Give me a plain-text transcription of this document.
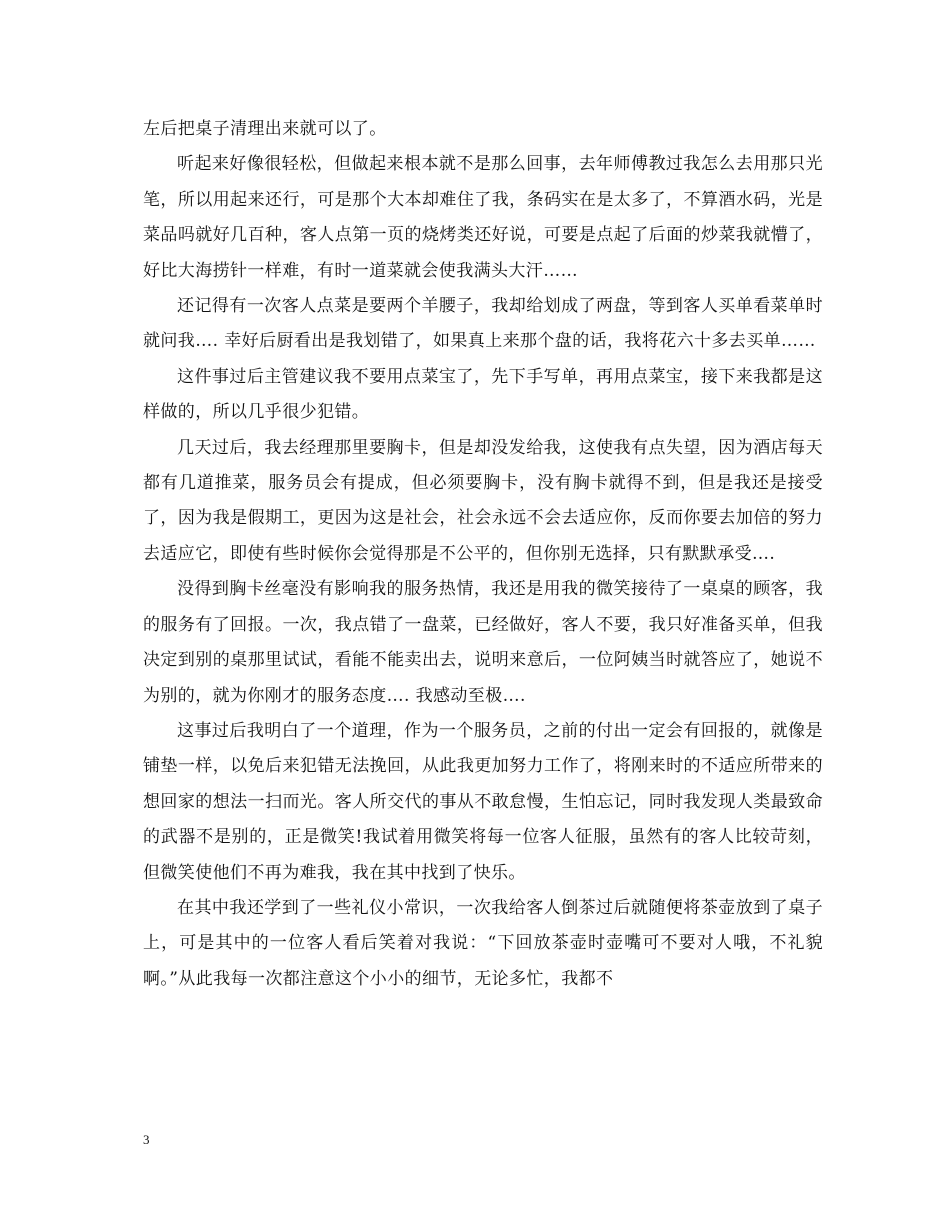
左后把桌子清理出来就可以了。

听起来好像很轻松，但做起来根本就不是那么回事，去年师傅教过我怎么去用那只光笔，所以用起来还行，可是那个大本却难住了我，条码实在是太多了，不算酒水码，光是菜品吗就好几百种，客人点第一页的烧烤类还好说，可要是点起了后面的炒菜我就懵了，好比大海捞针一样难，有时一道菜就会使我满头大汗……

还记得有一次客人点菜是要两个羊腰子，我却给划成了两盘，等到客人买单看菜单时就问我…. 幸好后厨看出是我划错了，如果真上来那个盘的话，我将花六十多去买单……

这件事过后主管建议我不要用点菜宝了，先下手写单，再用点菜宝，接下来我都是这样做的，所以几乎很少犯错。

几天过后，我去经理那里要胸卡，但是却没发给我，这使我有点失望，因为酒店每天都有几道推菜，服务员会有提成，但必须要胸卡，没有胸卡就得不到，但是我还是接受了，因为我是假期工，更因为这是社会，社会永远不会去适应你，反而你要去加倍的努力去适应它，即使有些时候你会觉得那是不公平的，但你别无选择，只有默默承受….

没得到胸卡丝毫没有影响我的服务热情，我还是用我的微笑接待了一桌桌的顾客，我的服务有了回报。一次，我点错了一盘菜，已经做好，客人不要，我只好准备买单，但我决定到别的桌那里试试，看能不能卖出去，说明来意后，一位阿姨当时就答应了，她说不为别的，就为你刚才的服务态度…. 我感动至极….

这事过后我明白了一个道理，作为一个服务员，之前的付出一定会有回报的，就像是铺垫一样，以免后来犯错无法挽回，从此我更加努力工作了，将刚来时的不适应所带来的想回家的想法一扫而光。客人所交代的事从不敢怠慢，生怕忘记，同时我发现人类最致命的武器不是别的，正是微笑!我试着用微笑将每一位客人征服，虽然有的客人比较苛刻，但微笑使他们不再为难我，我在其中找到了快乐。

在其中我还学到了一些礼仪小常识，一次我给客人倒茶过后就随便将茶壶放到了桌子上，可是其中的一位客人看后笑着对我说：“下回放茶壶时壶嘴可不要对人哦，不礼貌啊。”从此我每一次都注意这个小小的细节，无论多忙，我都不

3
